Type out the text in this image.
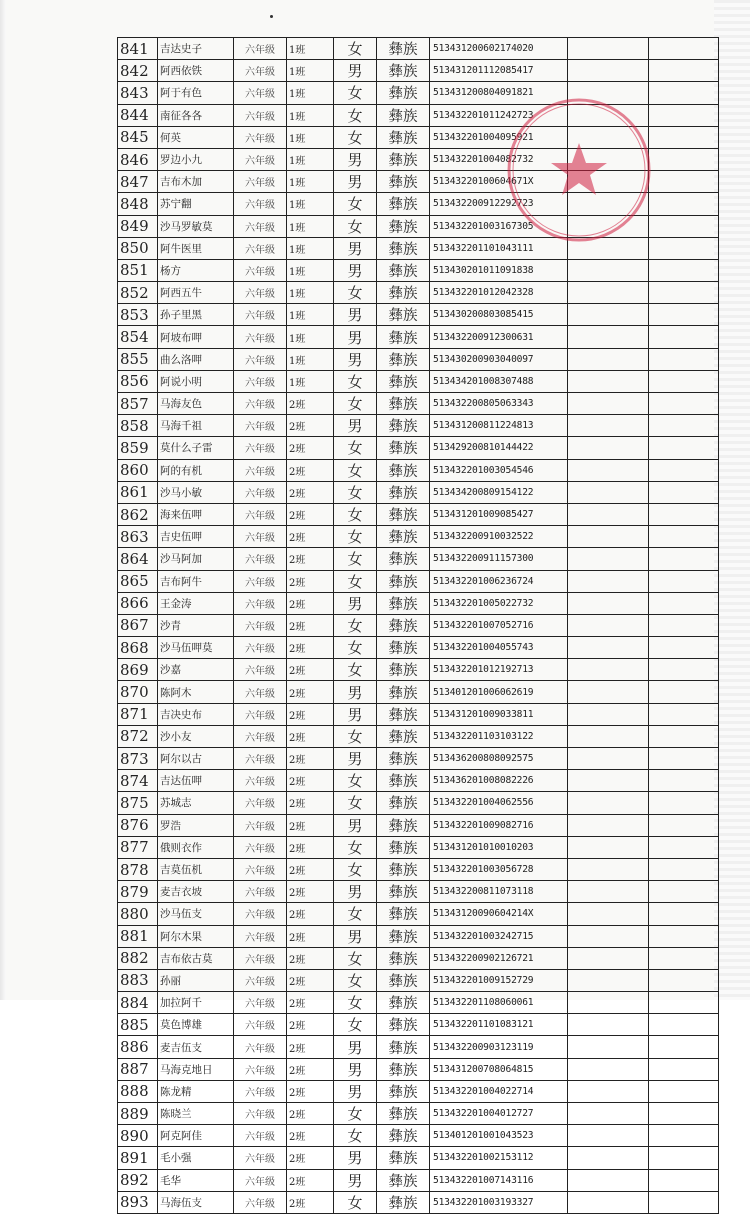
841	吉达史子	六年级	1班	女	彝族	513431200602174020		
842	阿西依铁	六年级	1班	男	彝族	513431201112085417		
843	阿于有色	六年级	1班	女	彝族	513431200804091821		
844	南征各各	六年级	1班	女	彝族	513432201011242723		
845	何英	六年级	1班	女	彝族	513432201004095921		
846	罗边小九	六年级	1班	男	彝族	513432201004082732		
847	吉布木加	六年级	1班	男	彝族	51343220100604671X		
848	苏宁翻	六年级	1班	女	彝族	513432200912292723		
849	沙马罗敏莫	六年级	1班	女	彝族	513432201003167305		
850	阿牛医里	六年级	1班	男	彝族	513432201101043111		
851	杨方	六年级	1班	男	彝族	513430201011091838		
852	阿西五牛	六年级	1班	女	彝族	513432201012042328		
853	孙子里黑	六年级	1班	男	彝族	513430200803085415		
854	阿坡布呷	六年级	1班	男	彝族	513432200912300631		
855	曲么洛呷	六年级	1班	男	彝族	513430200903040097		
856	阿说小明	六年级	1班	女	彝族	513434201008307488		
857	马海友色	六年级	2班	女	彝族	513432200805063343		
858	马海千祖	六年级	2班	男	彝族	513431200811224813		
859	莫什么子雷	六年级	2班	女	彝族	513429200810144422		
860	阿的有机	六年级	2班	女	彝族	513432201003054546		
861	沙马小敏	六年级	2班	女	彝族	513434200809154122		
862	海来伍呷	六年级	2班	女	彝族	513431201009085427		
863	吉史伍呷	六年级	2班	女	彝族	513432200910032522		
864	沙马阿加	六年级	2班	女	彝族	513432200911157300		
865	吉布阿牛	六年级	2班	女	彝族	513432201006236724		
866	王金涛	六年级	2班	男	彝族	513432201005022732		
867	沙青	六年级	2班	女	彝族	513432201007052716		
868	沙马伍呷莫	六年级	2班	女	彝族	513432201004055743		
869	沙嘉	六年级	2班	女	彝族	513432201012192713		
870	陈阿木	六年级	2班	男	彝族	513401201006062619		
871	吉决史布	六年级	2班	男	彝族	513431201009033811		
872	沙小友	六年级	2班	女	彝族	513432201103103122		
873	阿尔以古	六年级	2班	男	彝族	513436200808092575		
874	吉达伍呷	六年级	2班	女	彝族	513436201008082226		
875	苏城志	六年级	2班	女	彝族	513432201004062556		
876	罗浩	六年级	2班	男	彝族	513432201009082716		
877	俄则衣作	六年级	2班	女	彝族	513431201010010203		
878	吉莫伍机	六年级	2班	女	彝族	513432201003056728		
879	麦吉衣坡	六年级	2班	男	彝族	513432200811073118		
880	沙马伍支	六年级	2班	女	彝族	51343120090604214X		
881	阿尔木果	六年级	2班	男	彝族	513432201003242715		
882	吉布依古莫	六年级	2班	女	彝族	513432200902126721		
883	孙丽	六年级	2班	女	彝族	513432201009152729		
884	加拉阿千	六年级	2班	女	彝族	513432201108060061		
885	莫色博雄	六年级	2班	女	彝族	513432201101083121		
886	麦吉伍支	六年级	2班	男	彝族	513432200903123119		
887	马海克地日	六年级	2班	男	彝族	513431200708064815		
888	陈龙精	六年级	2班	男	彝族	513432201004022714		
889	陈晓兰	六年级	2班	女	彝族	513432201004012727		
890	阿克阿佳	六年级	2班	女	彝族	513401201001043523		
891	毛小强	六年级	2班	男	彝族	513432201002153112		
892	毛华	六年级	2班	男	彝族	513432201007143116		
893	马海伍支	六年级	2班	女	彝族	513432201003193327		
